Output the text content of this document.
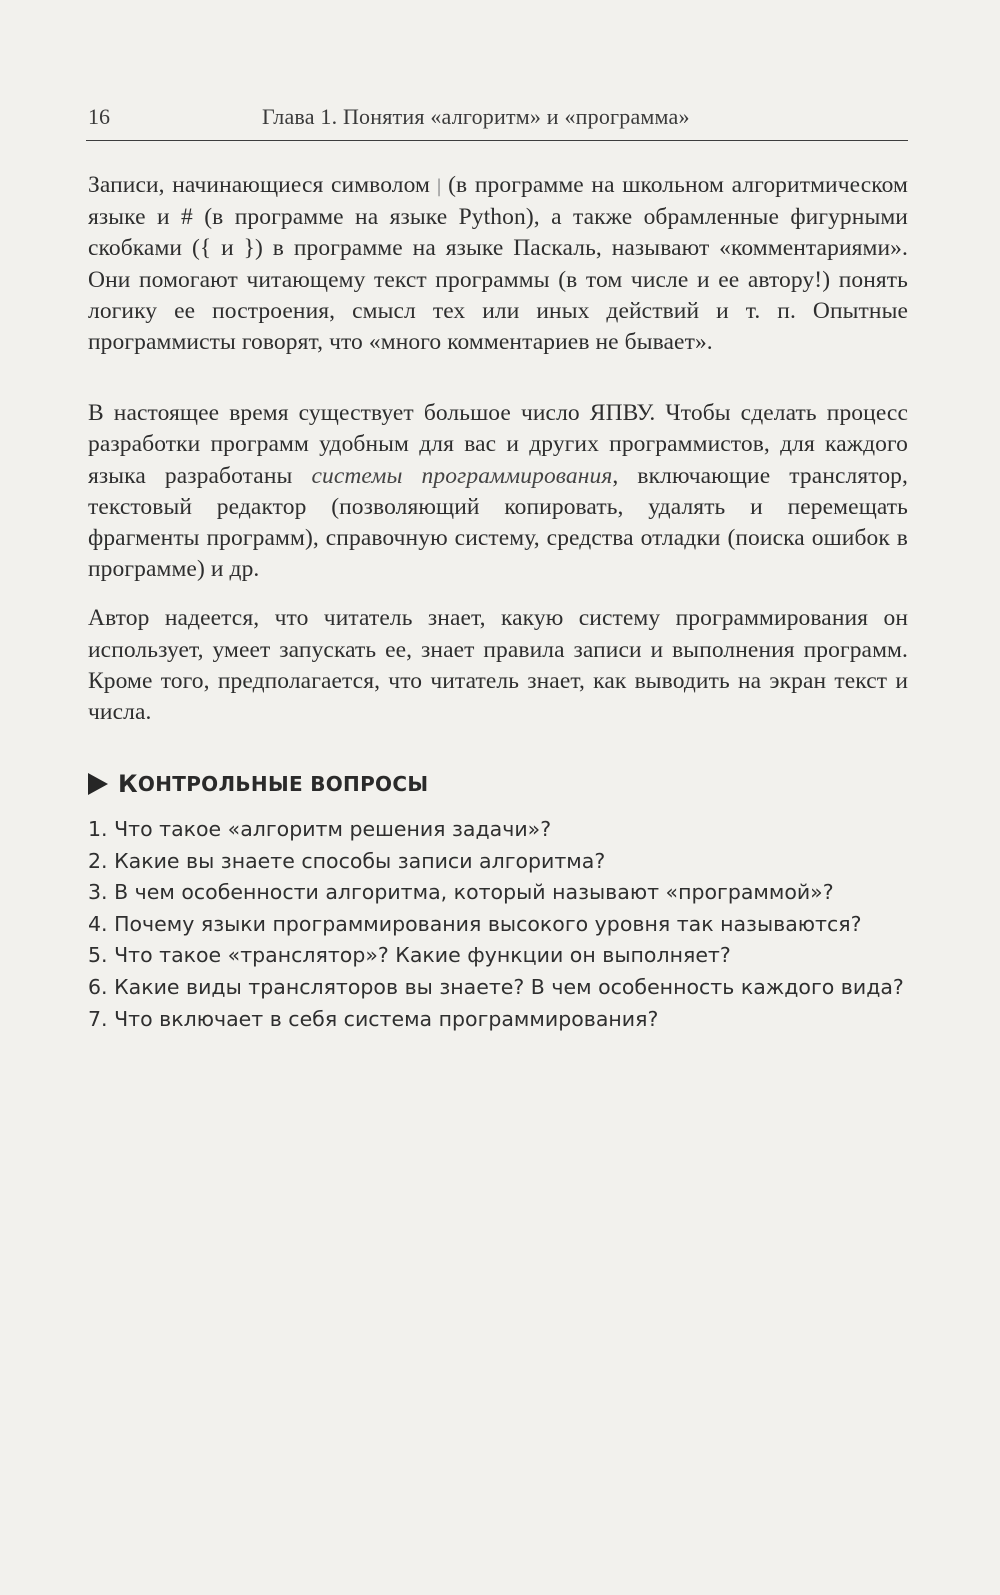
16	Глава 1. Понятия «алгоритм» и «программа»

Записи, начинающиеся символом | (в программе на школьном алгоритмическом языке и # (в программе на языке Python), а также обрамленные фигурными скобками ({ и }) в программе на языке Паскаль, называют «комментариями». Они помогают читающему текст программы (в том числе и ее автору!) понять логику ее построения, смысл тех или иных действий и т. п. Опытные программисты говорят, что «много комментариев не бывает».

В настоящее время существует большое число ЯПВУ. Чтобы сделать процесс разработки программ удобным для вас и других программистов, для каждого языка разработаны системы программирования, включающие транслятор, текстовый редактор (позволяющий копировать, удалять и перемещать фрагменты программ), справочную систему, средства отладки (поиска ошибок в программе) и др.

Автор надеется, что читатель знает, какую систему программирования он использует, умеет запускать ее, знает правила записи и выполнения программ. Кроме того, предполагается, что читатель знает, как выводить на экран текст и числа.

К ОНТРОЛЬНЫЕ ВОПРОСЫ
1. Что такое «алгоритм решения задачи»?
2. Какие вы знаете способы записи алгоритма?
3. В чем особенности алгоритма, который называют «программой»?
4. Почему языки программирования высокого уровня так называются?
5. Что такое «транслятор»? Какие функции он выполняет?
6. Какие виды трансляторов вы знаете? В чем особенность каждого вида?
7. Что включает в себя система программирования?
